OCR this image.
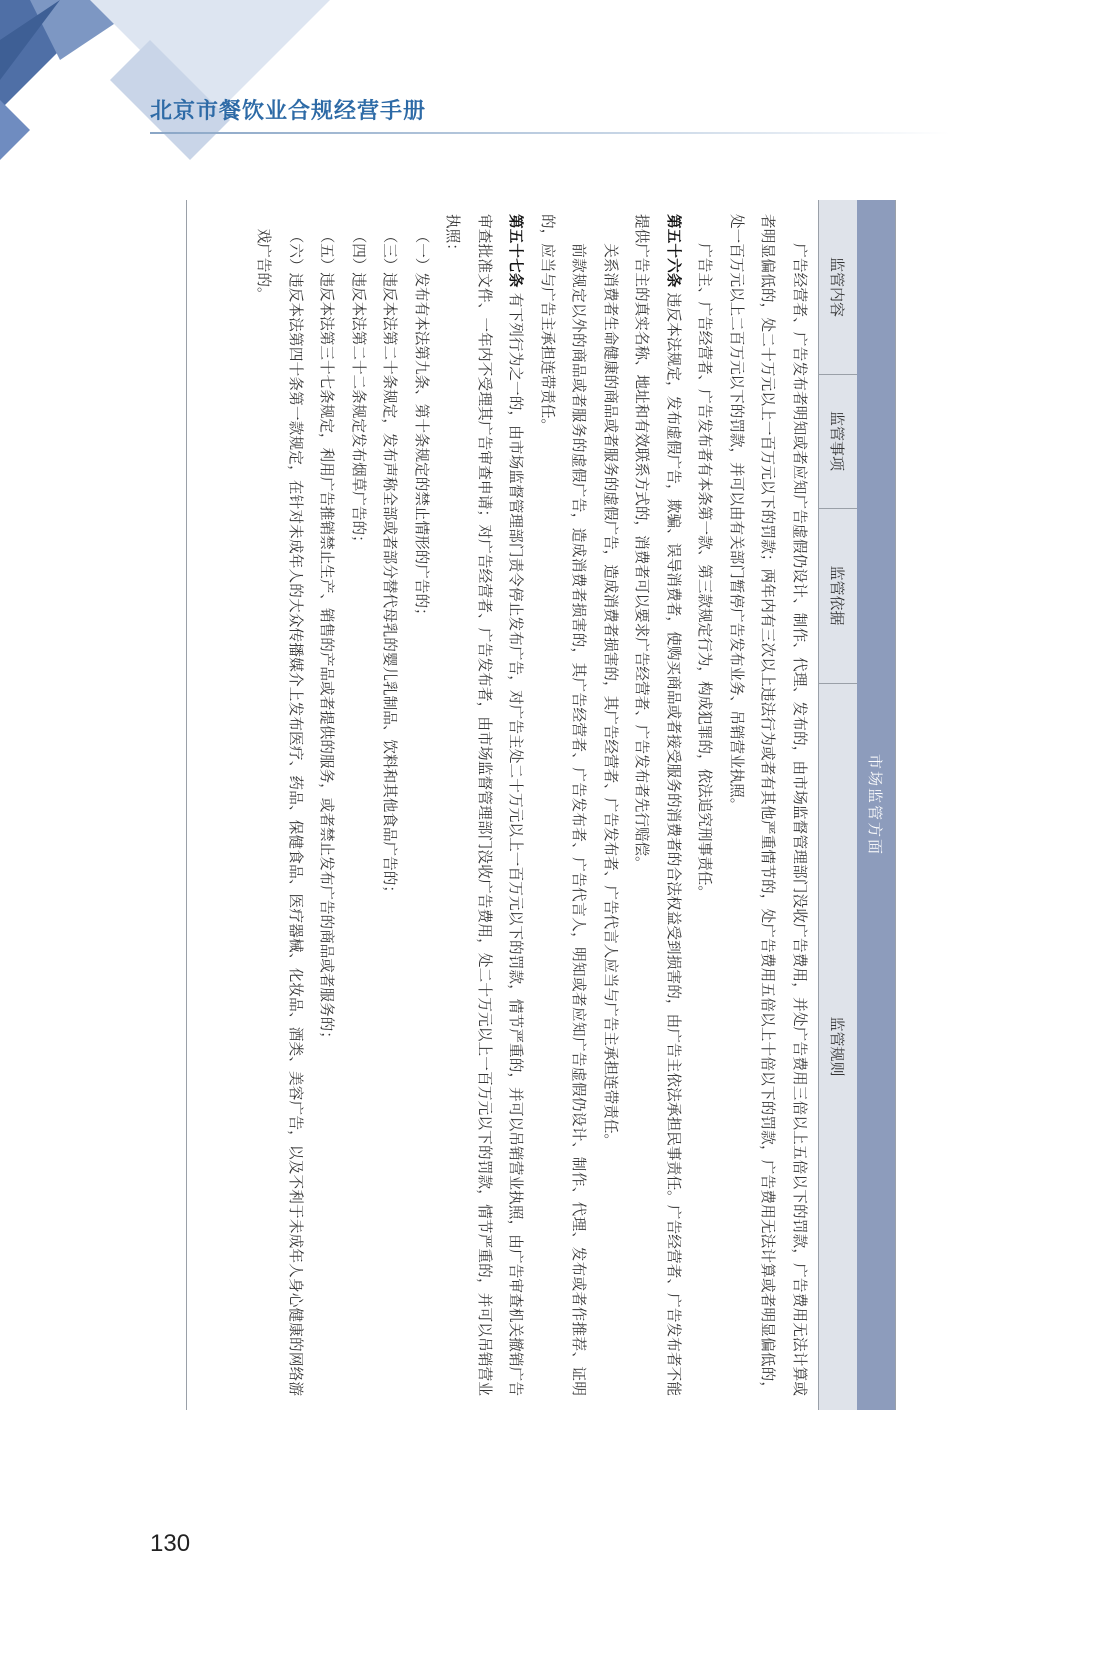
北京市餐饮业合规经营手册
市场监管方面
监管内容
监管事项
监管依据
监管规则

广告经营者、广告发布者明知或者应知广告虚假仍设计、制作、代理、发布的，由市场监督管理部门没收广告费用，并处广告费用三倍以上五倍以下的罚款，广告费用无法计算或者明显偏低的，处二十万元以上一百万元以下的罚款；两年内有三次以上违法行为或者有其他严重情节的，处广告费用五倍以上十倍以下的罚款，广告费用无法计算或者明显偏低的，处一百万元以上二百万元以下的罚款，并可以由有关部门暂停广告发布业务、吊销营业执照。

广告主、广告经营者、广告发布者有本条第一款、第三款规定行为，构成犯罪的，依法追究刑事责任。

第五十六条 违反本法规定，发布虚假广告，欺骗、误导消费者，使购买商品或者接受服务的消费者的合法权益受到损害的，由广告主依法承担民事责任。广告经营者、广告发布者不能提供广告主的真实名称、地址和有效联系方式的，消费者可以要求广告经营者、广告发布者先行赔偿。

关系消费者生命健康的商品或者服务的虚假广告，造成消费者损害的，其广告经营者、广告发布者、广告代言人应当与广告主承担连带责任。

前款规定以外的商品或者服务的虚假广告，造成消费者损害的，其广告经营者、广告发布者、广告代言人，明知或者应知广告虚假仍设计、制作、代理、发布或者作推荐、证明的，应当与广告主承担连带责任。

第五十七条 有下列行为之一的，由市场监督管理部门责令停止发布广告，对广告主处二十万元以上一百万元以下的罚款，情节严重的，并可以吊销营业执照，由广告审查机关撤销广告审查批准文件、一年内不受理其广告审查申请；对广告经营者、广告发布者，由市场监督管理部门没收广告费用，处二十万元以上一百万元以下的罚款，情节严重的，并可以吊销营业执照：

（一）发布有本法第九条、第十条规定的禁止情形的广告的；

（三）违反本法第二十条规定，发布声称全部或者部分替代母乳的婴儿乳制品、饮料和其他食品广告的；

（四）违反本法第二十二条规定发布烟草广告的；

（五）违反本法第三十七条规定，利用广告推销禁止生产、销售的产品或者提供的服务，或者禁止发布广告的商品或者服务的；

（六）违反本法第四十条第一款规定，在针对未成年人的大众传播媒介上发布医疗、药品、保健食品、医疗器械、化妆品、酒类、美容广告，以及不利于未成年人身心健康的网络游戏广告的。

130
